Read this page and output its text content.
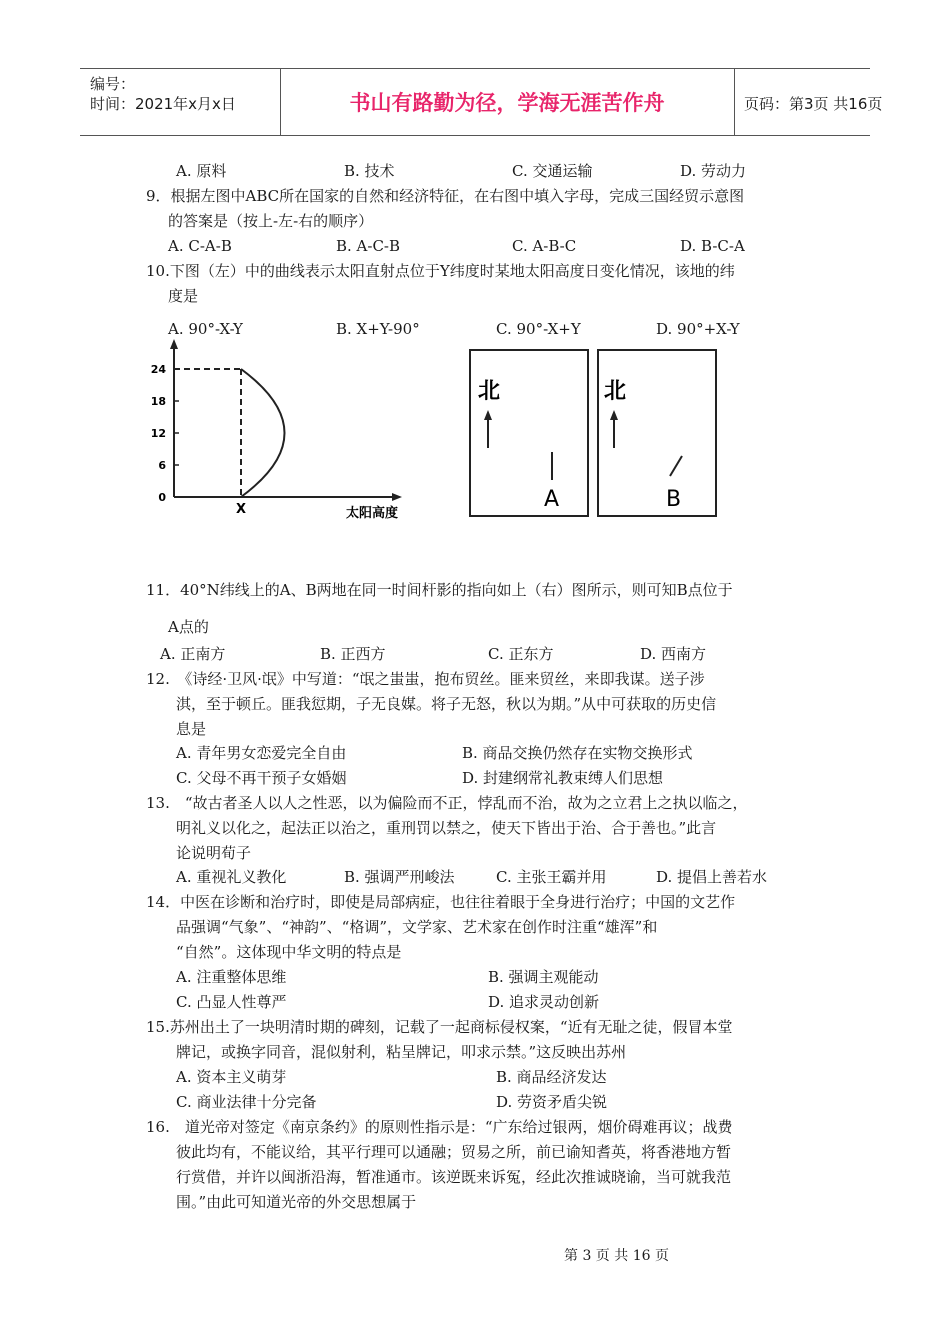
编号：
时间：2021年x月x日	书山有路勤为径，学海无涯苦作舟	页码：第3页 共16页
A. 原料	B. 技术	C. 交通运输	D. 劳动力
9．根据左图中ABC所在国家的自然和经济特征，在右图中填入字母，完成三国经贸示意图
的答案是（按上-左-右的顺序）
A. C-A-B	B. A-C-B	C. A-B-C	D. B-C-A
10.下图（左）中的曲线表示太阳直射点位于Y纬度时某地太阳高度日变化情况，该地的纬
度是
A. 90°-X-Y	B. X+Y-90°	C. 90°-X+Y	D. 90°+X-Y
0
6
12
18
24
X	太阳高度
北
A
北
B
11．40°N纬线上的A、B两地在同一时间杆影的指向如上（右）图所示，则可知B点位于
A点的
A. 正南方	B. 正西方	C. 正东方	D. 西南方
12.　《诗经·卫风·氓》中写道：“氓之蚩蚩，抱布贸丝。匪来贸丝，来即我谋。送子涉
淇，至于顿丘。匪我愆期，子无良媒。将子无怒，秋以为期。”从中可获取的历史信
息是
A. 青年男女恋爱完全自由	B. 商品交换仍然存在实物交换形式
C. 父母不再干预子女婚姻	D. 封建纲常礼教束缚人们思想
13.　“故古者圣人以人之性恶，以为偏险而不正，悖乱而不治，故为之立君上之执以临之，
明礼义以化之，起法正以治之，重刑罚以禁之，使天下皆出于治、合于善也。”此言
论说明荀子
A. 重视礼义教化	B. 强调严刑峻法	C. 主张王霸并用	D. 提倡上善若水
14．中医在诊断和治疗时，即使是局部病症，也往往着眼于全身进行治疗；中国的文艺作
品强调“气象”、“神韵”、“格调”，文学家、艺术家在创作时注重“雄浑”和
“自然”。这体现中华文明的特点是
A. 注重整体思维	B. 强调主观能动
C. 凸显人性尊严	D. 追求灵动创新
15.苏州出土了一块明清时期的碑刻，记载了一起商标侵权案，“近有无耻之徒，假冒本堂
牌记，或换字同音，混似射利，粘呈牌记，叩求示禁。”这反映出苏州
A. 资本主义萌芽	B. 商品经济发达
C. 商业法律十分完备	D. 劳资矛盾尖锐
16.　道光帝对签定《南京条约》的原则性指示是：“广东给过银两，烟价碍难再议；战费
彼此均有，不能议给，其平行理可以通融；贸易之所，前已谕知耆英，将香港地方暂
行赏借，并许以闽浙沿海，暂准通市。该逆既来诉冤，经此次推诚晓谕，当可就我范
围。”由此可知道光帝的外交思想属于
第 3 页 共 16 页
